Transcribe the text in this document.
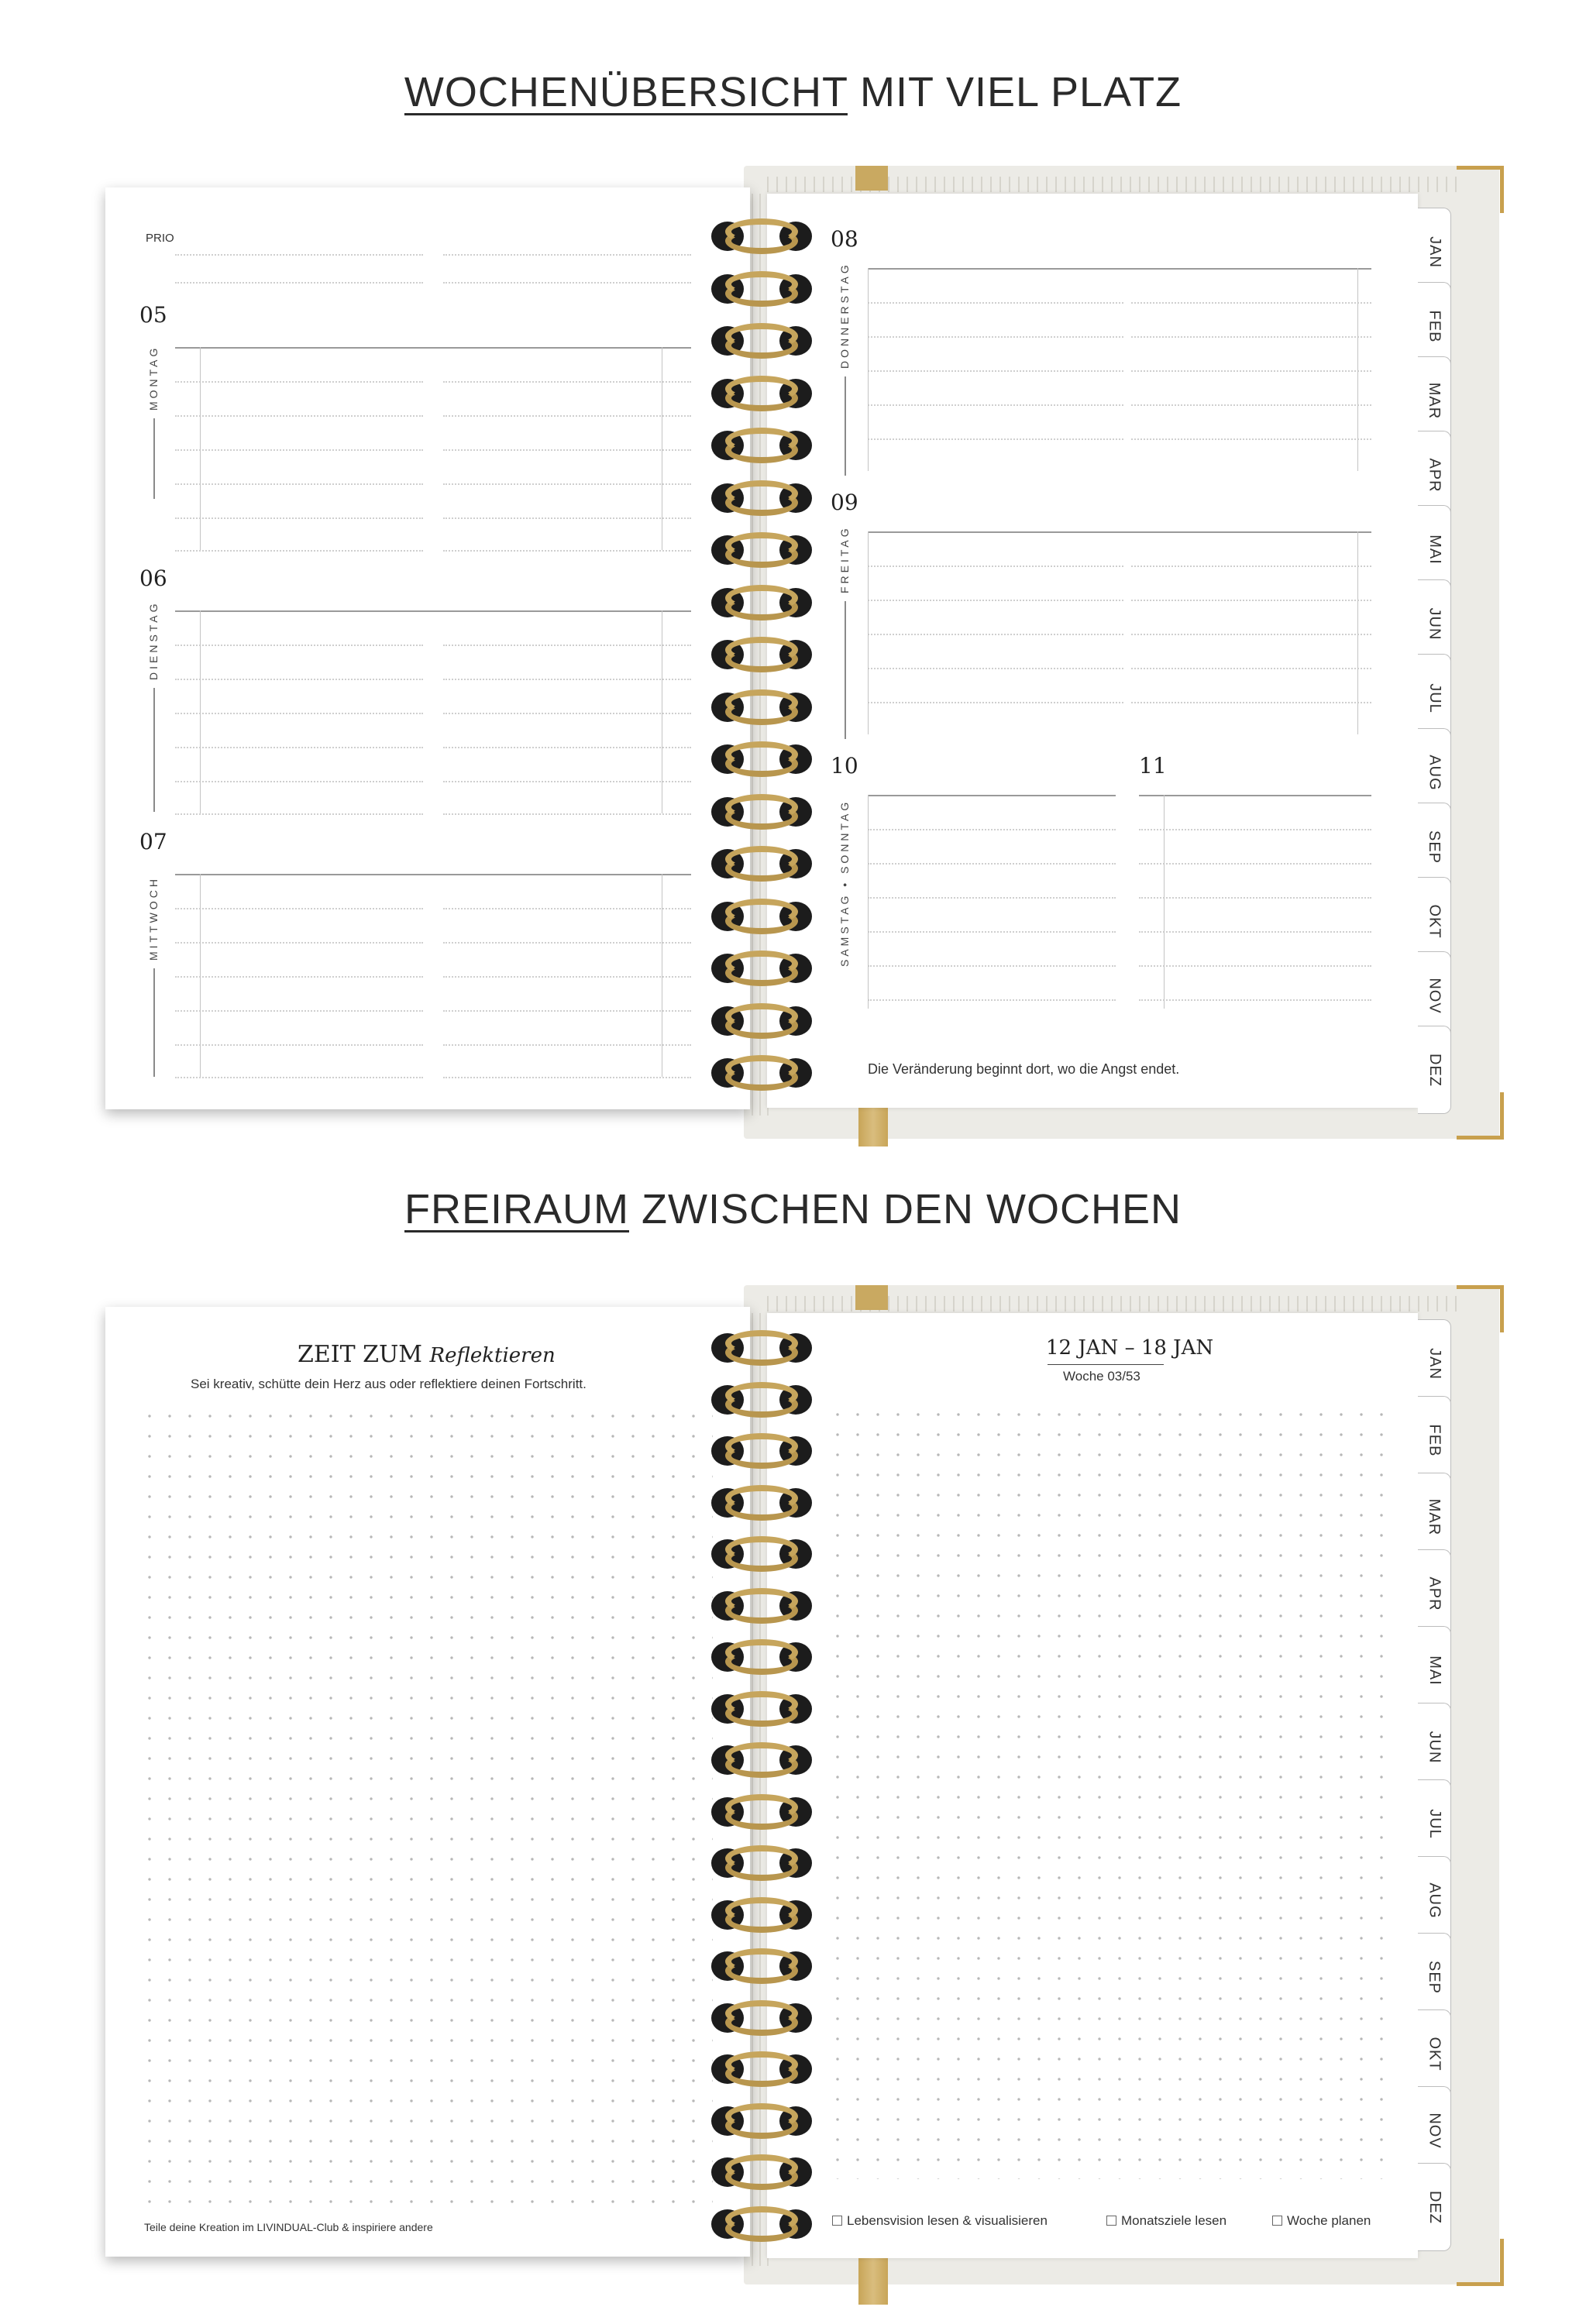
WOCHENÜBERSICHT MIT VIEL PLATZ
08
DONNERSTAG
09
FREITAG
10	11
SAMSTAG • SONNTAG
Die Veränderung beginnt dort, wo die Angst endet.
JAN
FEB
MAR
APR
MAI
JUN
JUL
AUG
SEP
OKT
NOV
DEZ
PRIO
05
MONTAG
06
DIENSTAG
07
MITTWOCH
FREIRAUM ZWISCHEN DEN WOCHEN
12 JAN – 18 JAN
Woche 03/53
Lebensvision lesen & visualisieren	Monatsziele lesen	Woche planen
JAN
FEB
MAR
APR
MAI
JUN
JUL
AUG
SEP
OKT
NOV
DEZ
ZEIT ZUM Reflektieren
Sei kreativ, schütte dein Herz aus oder reflektiere deinen Fortschritt.
Teile deine Kreation im LIVINDUAL-Club & inspiriere andere
